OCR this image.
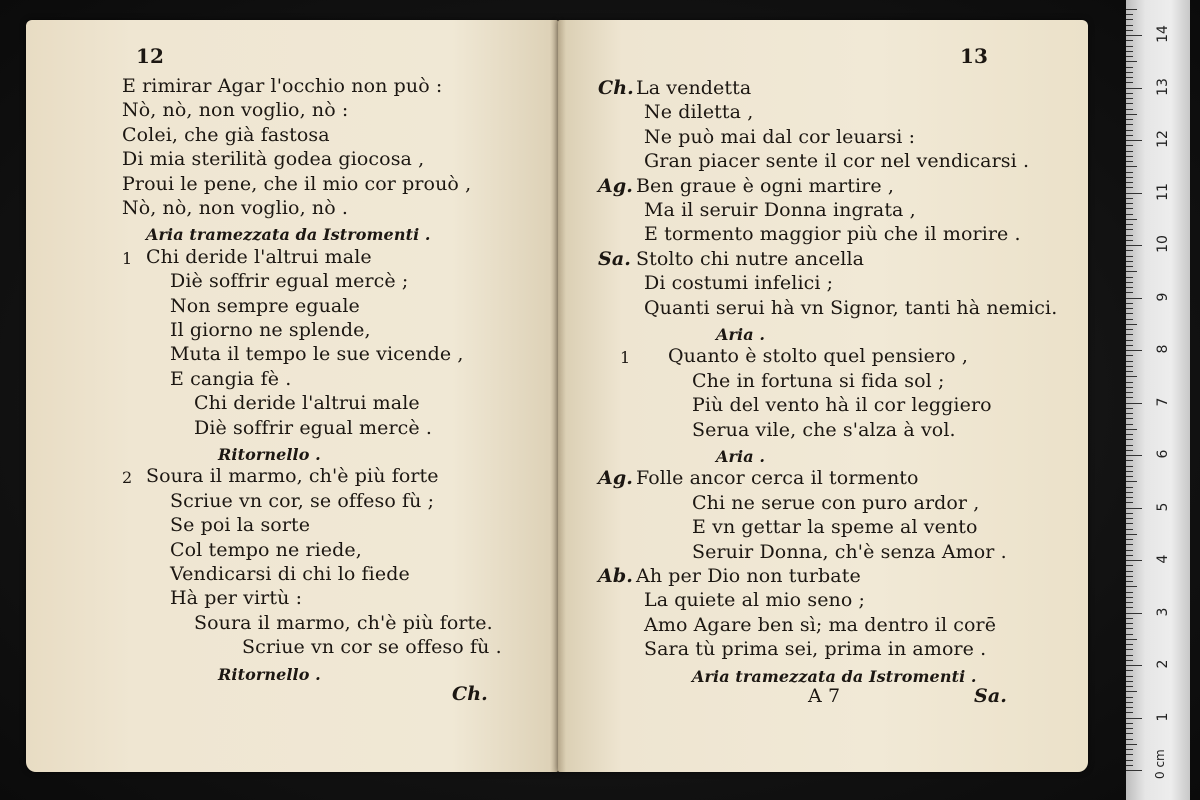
12
E rimirar Agar l'occhio non può :
Nò, nò, non voglio, nò :
Colei, che già fastosa
Di mia sterilità godea giocosa ,
Proui le pene, che il mio cor prouò ,
Nò, nò, non voglio, nò .
Aria tramezzata da Istromenti .
1 Chi deride l'altrui male
Diè soffrir egual mercè ;
Non sempre eguale
Il giorno ne splende,
Muta il tempo le sue vicende ,
E cangia fè .
Chi deride l'altrui male
Diè soffrir egual mercè .
Ritornello .
2 Soura il marmo, ch'è più forte
Scriue vn cor, se offeso fù ;
Se poi la sorte
Col tempo ne riede,
Vendicarsi di chi lo fiede
Hà per virtù :
Soura il marmo, ch'è più forte.
Scriue vn cor se offeso fù .
Ritornello .
Ch.
13
Ch. La vendetta
Ne diletta ,
Ne può mai dal cor leuarsi :
Gran piacer sente il cor nel vendicarsi .
Ag. Ben graue è ogni martire ,
Ma il seruir Donna ingrata ,
E tormento maggior più che il morire .
Sa. Stolto chi nutre ancella
Di costumi infelici ;
Quanti serui hà vn Signor, tanti hà nemici.
Aria .
1 Quanto è stolto quel pensiero ,
Che in fortuna si fida sol ;
Più del vento hà il cor leggiero
Serua vile, che s'alza à vol.
Aria .
Ag. Folle ancor cerca il tormento
Chi ne serue con puro ardor ,
E vn gettar la speme al vento
Seruir Donna, ch'è senza Amor .
Ab. Ah per Dio non turbate
La quiete al mio seno ;
Amo Agare ben sì; ma dentro il corē
Sara tù prima sei, prima in amore .
Aria tramezzata da Istromenti .
A 7	Sa.
1
2
3
4
5
6
7
8
9
10
11
12
13
14
0 cm
